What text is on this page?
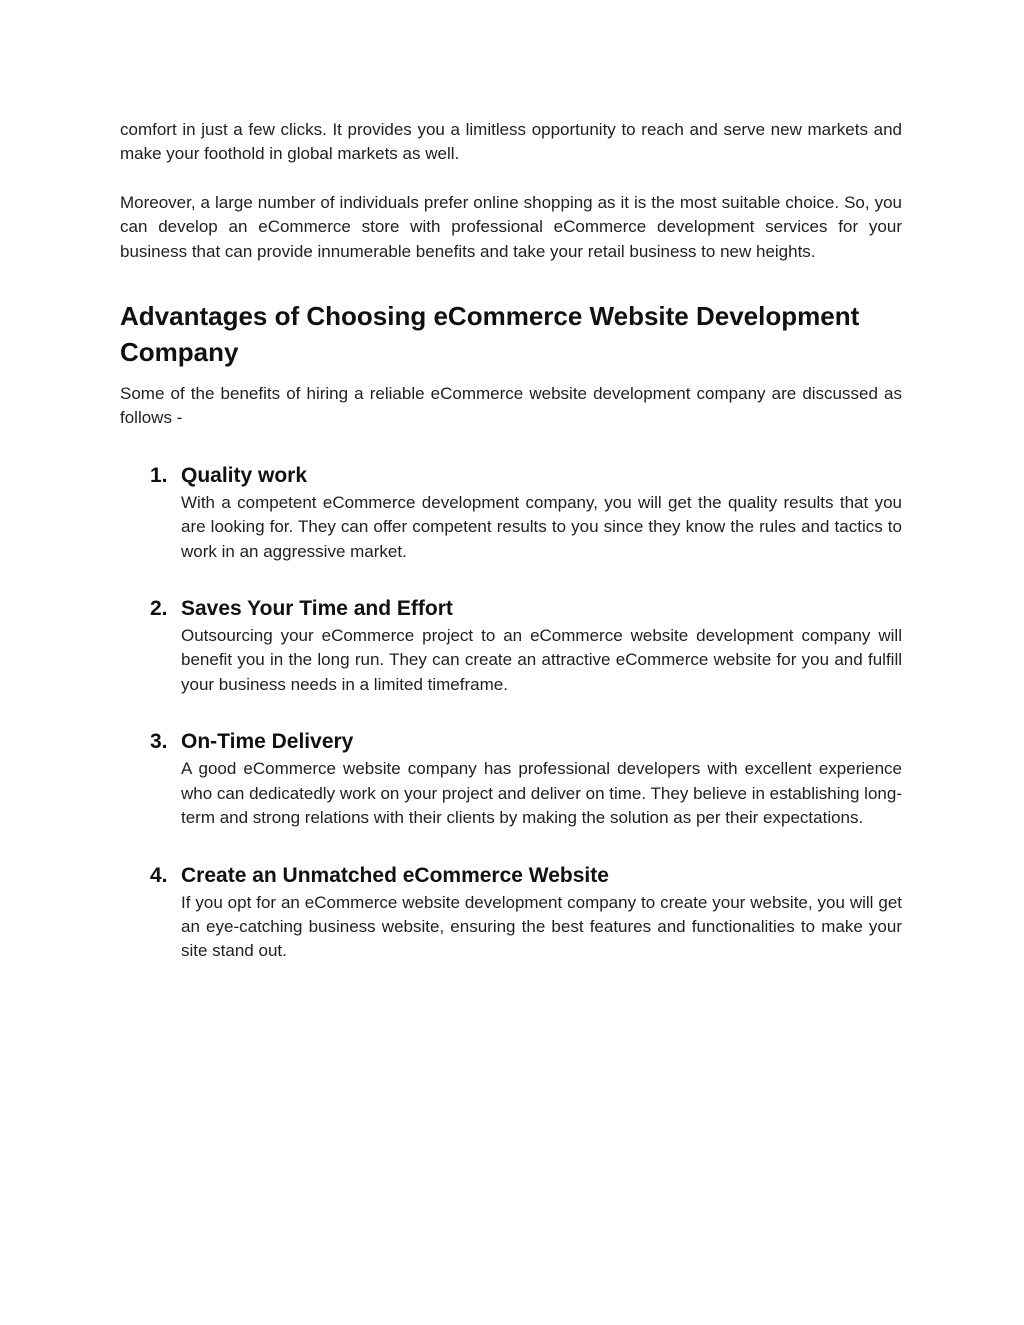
comfort in just a few clicks. It provides you a limitless opportunity to reach and serve new markets and make your foothold in global markets as well.

Moreover, a large number of individuals prefer online shopping as it is the most suitable choice. So, you can develop an eCommerce store with professional eCommerce development services for your business that can provide innumerable benefits and take your retail business to new heights.

Advantages of Choosing eCommerce Website Development Company

Some of the benefits of hiring a reliable eCommerce website development company are discussed as follows -

1. Quality work

With a competent eCommerce development company, you will get the quality results that you are looking for. They can offer competent results to you since they know the rules and tactics to work in an aggressive market.

2. Saves Your Time and Effort

Outsourcing your eCommerce project to an eCommerce website development company will benefit you in the long run. They can create an attractive eCommerce website for you and fulfill your business needs in a limited timeframe.

3. On-Time Delivery

A good eCommerce website company has professional developers with excellent experience who can dedicatedly work on your project and deliver on time. They believe in establishing long-term and strong relations with their clients by making the solution as per their expectations.

4. Create an Unmatched eCommerce Website

If you opt for an eCommerce website development company to create your website, you will get an eye-catching business website, ensuring the best features and functionalities to make your site stand out.
